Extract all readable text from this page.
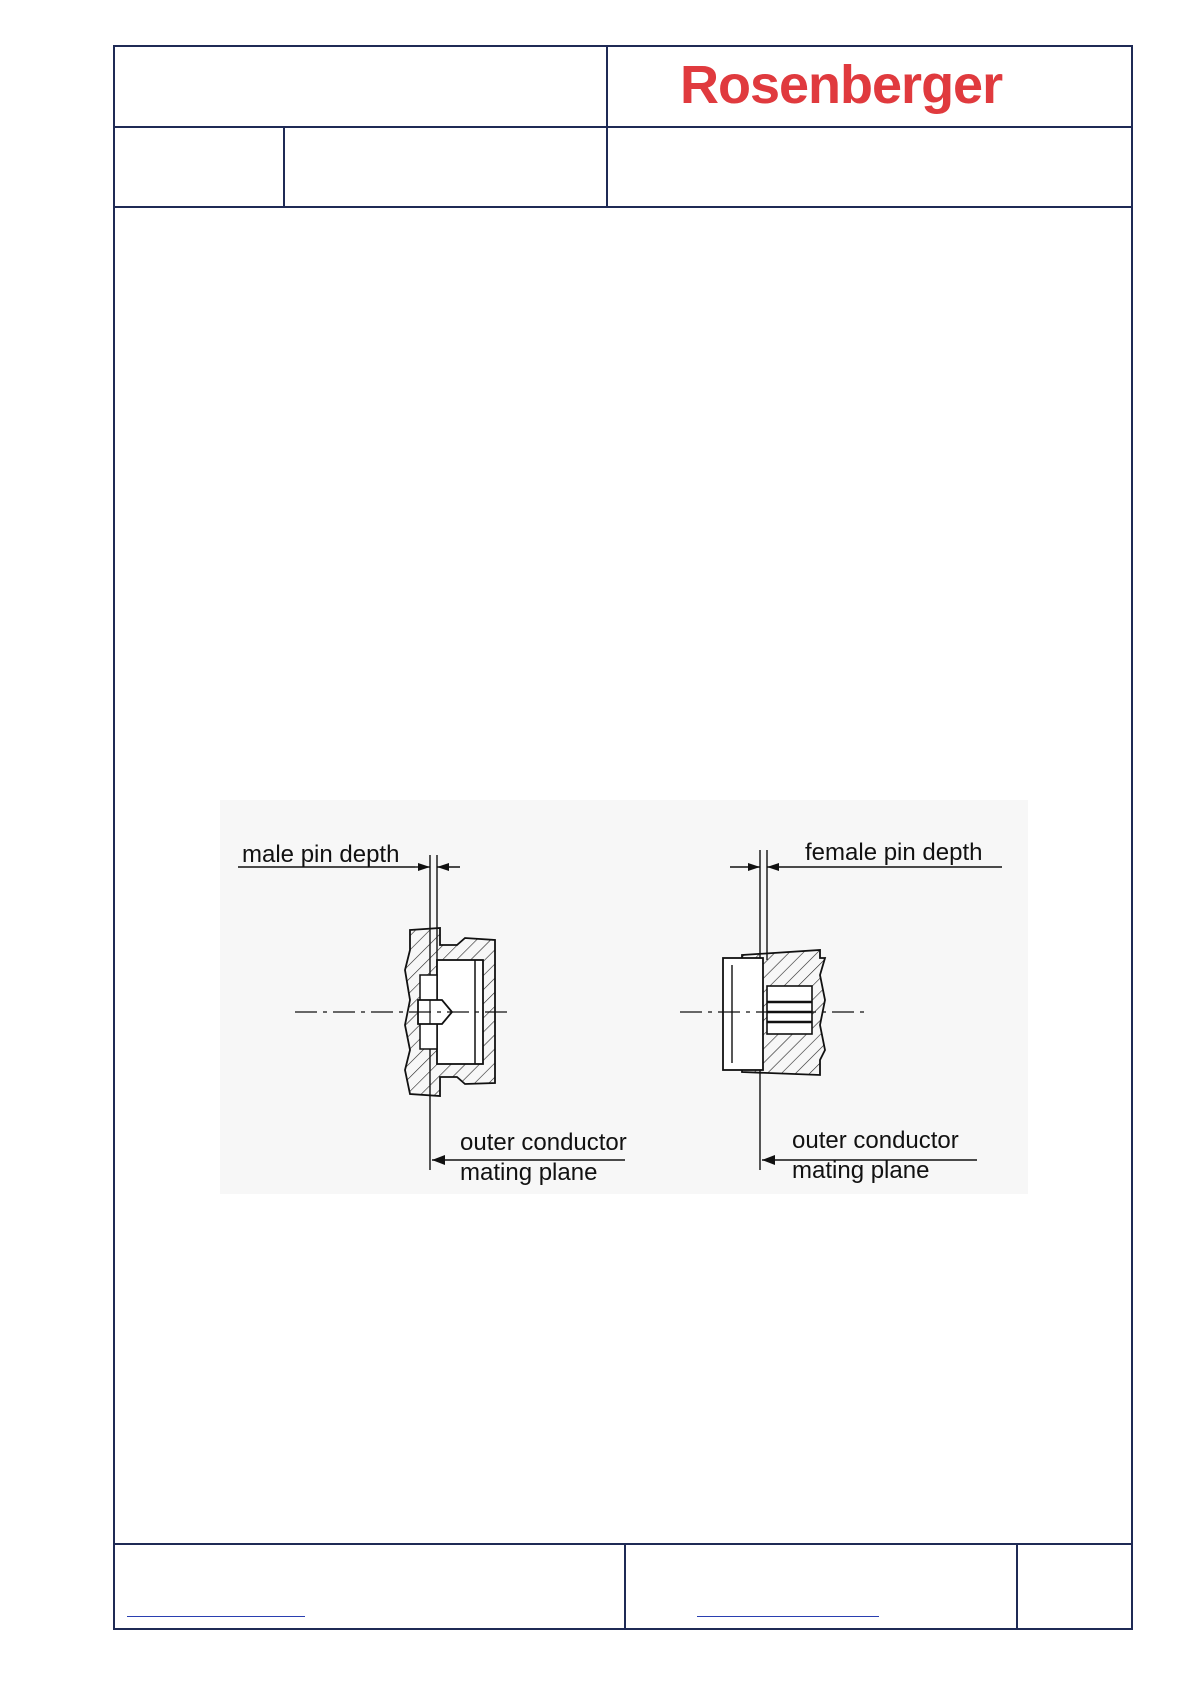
Rosenberger
male pin depth
outer conductor
mating plane
female pin depth
outer conductor
mating plane
